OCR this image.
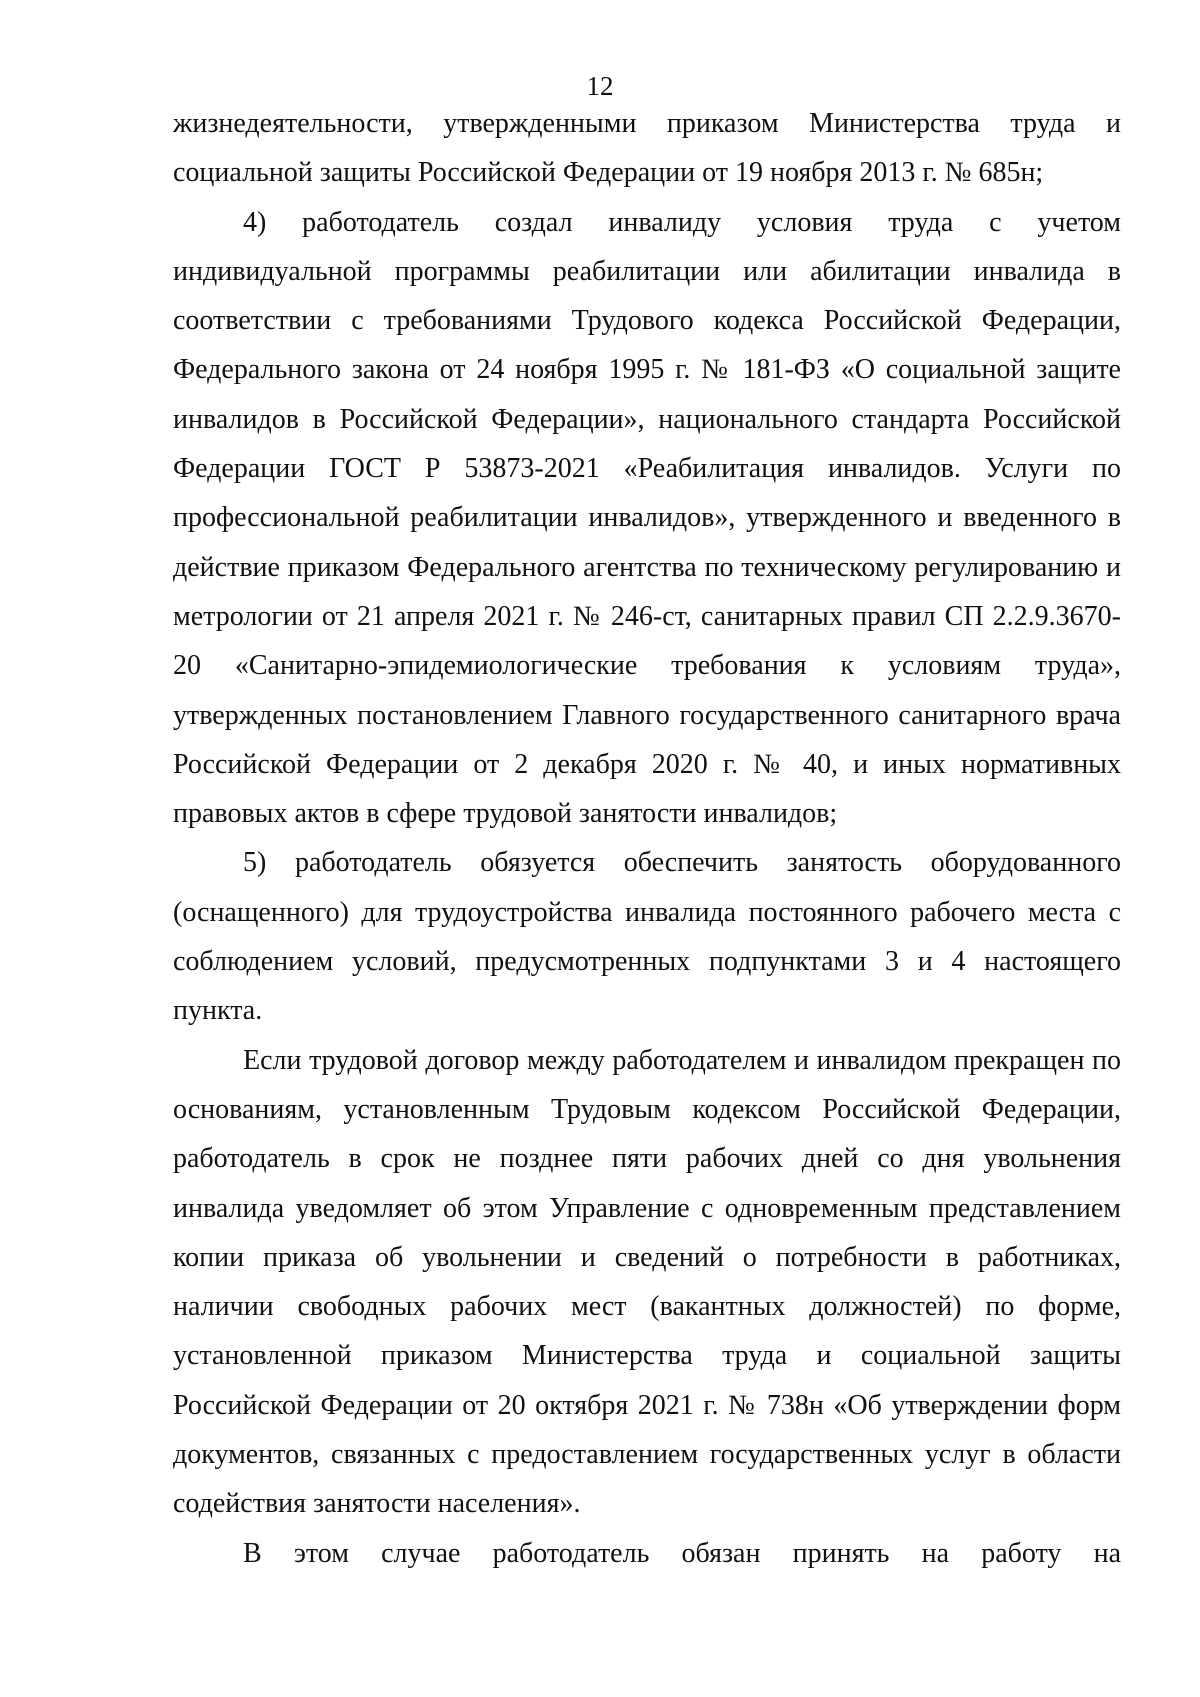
12

жизнедеятельности, утвержденными приказом Министерства труда и социальной защиты Российской Федерации от 19 ноября 2013 г. № 685н;

4) работодатель создал инвалиду условия труда с учетом индивидуальной программы реабилитации или абилитации инвалида в соответствии с требованиями Трудового кодекса Российской Федерации, Федерального закона от 24 ноября 1995 г. № 181-ФЗ «О социальной защите инвалидов в Российской Федерации», национального стандарта Российской Федерации ГОСТ Р 53873-2021 «Реабилитация инвалидов. Услуги по профессиональной реабилитации инвалидов», утвержденного и введенного в действие приказом Федерального агентства по техническому регулированию и метрологии от 21 апреля 2021 г. № 246-ст, санитарных правил СП 2.2.9.3670-20 «Санитарно-эпидемиологические требования к условиям труда», утвержденных постановлением Главного государственного санитарного врача Российской Федерации от 2 декабря 2020 г. № 40, и иных нормативных правовых актов в сфере трудовой занятости инвалидов;

5) работодатель обязуется обеспечить занятость оборудованного (оснащенного) для трудоустройства инвалида постоянного рабочего места с соблюдением условий, предусмотренных подпунктами 3 и 4 настоящего пункта.

Если трудовой договор между работодателем и инвалидом прекращен по основаниям, установленным Трудовым кодексом Российской Федерации, работодатель в срок не позднее пяти рабочих дней со дня увольнения инвалида уведомляет об этом Управление с одновременным представлением копии приказа об увольнении и сведений о потребности в работниках, наличии свободных рабочих мест (вакантных должностей) по форме, установленной приказом Министерства труда и социальной защиты Российской Федерации от 20 октября 2021 г. № 738н «Об утверждении форм документов, связанных с предоставлением государственных услуг в области содействия занятости населения».

В этом случае работодатель обязан принять на работу на
